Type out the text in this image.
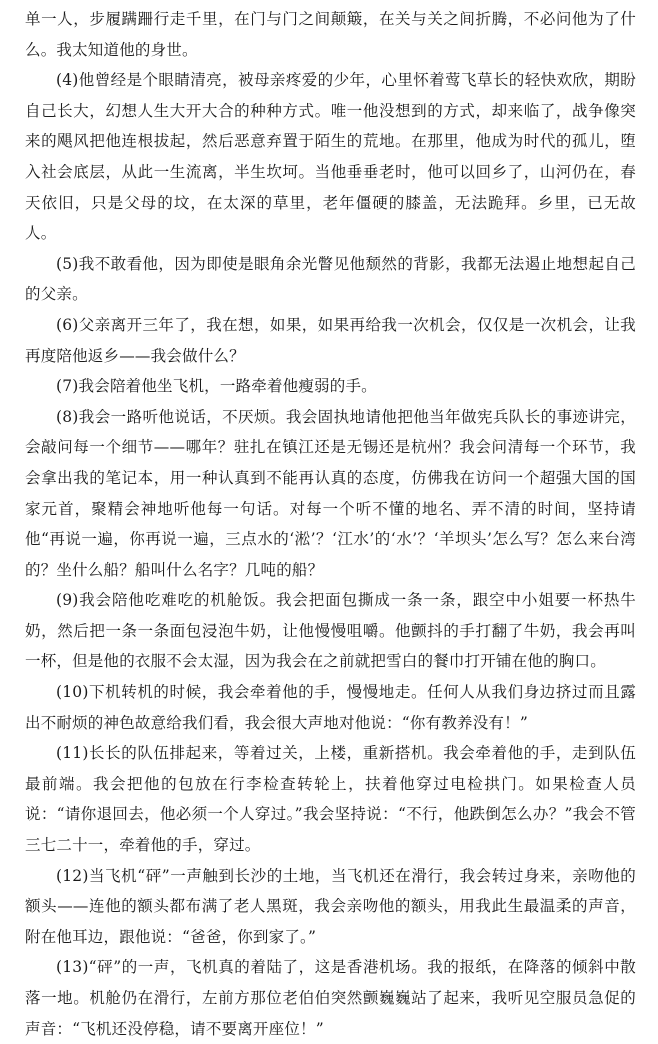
单一人，步履蹒跚行走千里，在门与门之间颠簸，在关与关之间折腾，不必问他为了什么。我太知道他的身世。

(4)他曾经是个眼睛清亮，被母亲疼爱的少年，心里怀着莺飞草长的轻快欢欣，期盼自己长大，幻想人生大开大合的种种方式。唯一他没想到的方式，却来临了，战争像突来的飓风把他连根拔起，然后恶意弃置于陌生的荒地。在那里，他成为时代的孤儿，堕入社会底层，从此一生流离，半生坎坷。当他垂垂老时，他可以回乡了，山河仍在，春天依旧，只是父母的坟，在太深的草里，老年僵硬的膝盖，无法跪拜。乡里，已无故人。

(5)我不敢看他，因为即使是眼角余光瞥见他颓然的背影，我都无法遏止地想起自己的父亲。

(6)父亲离开三年了，我在想，如果，如果再给我一次机会，仅仅是一次机会，让我再度陪他返乡——我会做什么？

(7)我会陪着他坐飞机，一路牵着他瘦弱的手。

(8)我会一路听他说话，不厌烦。我会固执地请他把他当年做宪兵队长的事迹讲完，会敲问每一个细节——哪年？驻扎在镇江还是无锡还是杭州？我会问清每一个环节，我会拿出我的笔记本，用一种认真到不能再认真的态度，仿佛我在访问一个超强大国的国家元首，聚精会神地听他每一句话。对每一个听不懂的地名、弄不清的时间，坚持请他“再说一遍，你再说一遍，三点水的‘淞’？‘江水’的‘水’？‘羊坝头’怎么写？怎么来台湾的？坐什么船？船叫什么名字？几吨的船？

(9)我会陪他吃难吃的机舱饭。我会把面包撕成一条一条，跟空中小姐要一杯热牛奶，然后把一条一条面包浸泡牛奶，让他慢慢咀嚼。他颤抖的手打翻了牛奶，我会再叫一杯，但是他的衣服不会太湿，因为我会在之前就把雪白的餐巾打开铺在他的胸口。

(10)下机转机的时候，我会牵着他的手，慢慢地走。任何人从我们身边挤过而且露出不耐烦的神色故意给我们看，我会很大声地对他说：“你有教养没有！”

(11)长长的队伍排起来，等着过关，上楼，重新搭机。我会牵着他的手，走到队伍最前端。我会把他的包放在行李检查转轮上，扶着他穿过电检拱门。如果检查人员说：“请你退回去，他必须一个人穿过。”我会坚持说：“不行，他跌倒怎么办？”我会不管三七二十一，牵着他的手，穿过。

(12)当飞机“砰”一声触到长沙的土地，当飞机还在滑行，我会转过身来，亲吻他的额头——连他的额头都布满了老人黑斑，我会亲吻他的额头，用我此生最温柔的声音，附在他耳边，跟他说：“爸爸，你到家了。”

(13)“砰”的一声，飞机真的着陆了，这是香港机场。我的报纸，在降落的倾斜中散落一地。机舱仍在滑行，左前方那位老伯伯突然颤巍巍站了起来，我听见空服员急促的声音：“飞机还没停稳，请不要离开座位！”
